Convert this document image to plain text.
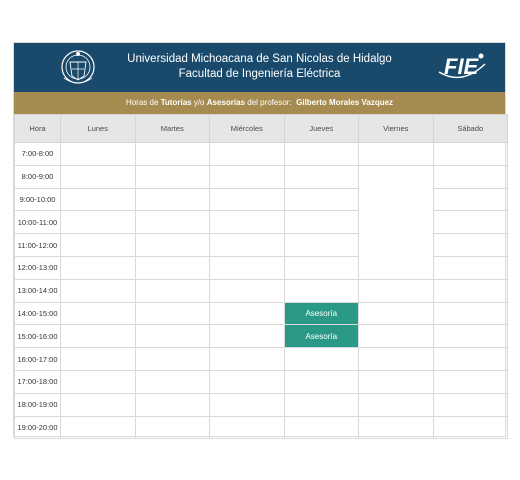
Universidad Michoacana de San Nicolas de Hidalgo
Facultad de Ingeniería Eléctrica	FIE
Horas de Tutorías y/o Asesorías del profesor: Gilberto Morales Vazquez
Hora	Lunes	Martes	Miércoles	Jueves	Viernes	Sábado
7:00-8:00						
8:00-9:00						
9:00-10:00						
10:00-11:00						
11:00-12:00						
12:00-13:00						
13:00-14:00						
14:00-15:00				Asesoría		
15:00-16:00				Asesoría		
16:00-17:00						
17:00-18:00						
18:00-19:00						
19:00-20:00						
